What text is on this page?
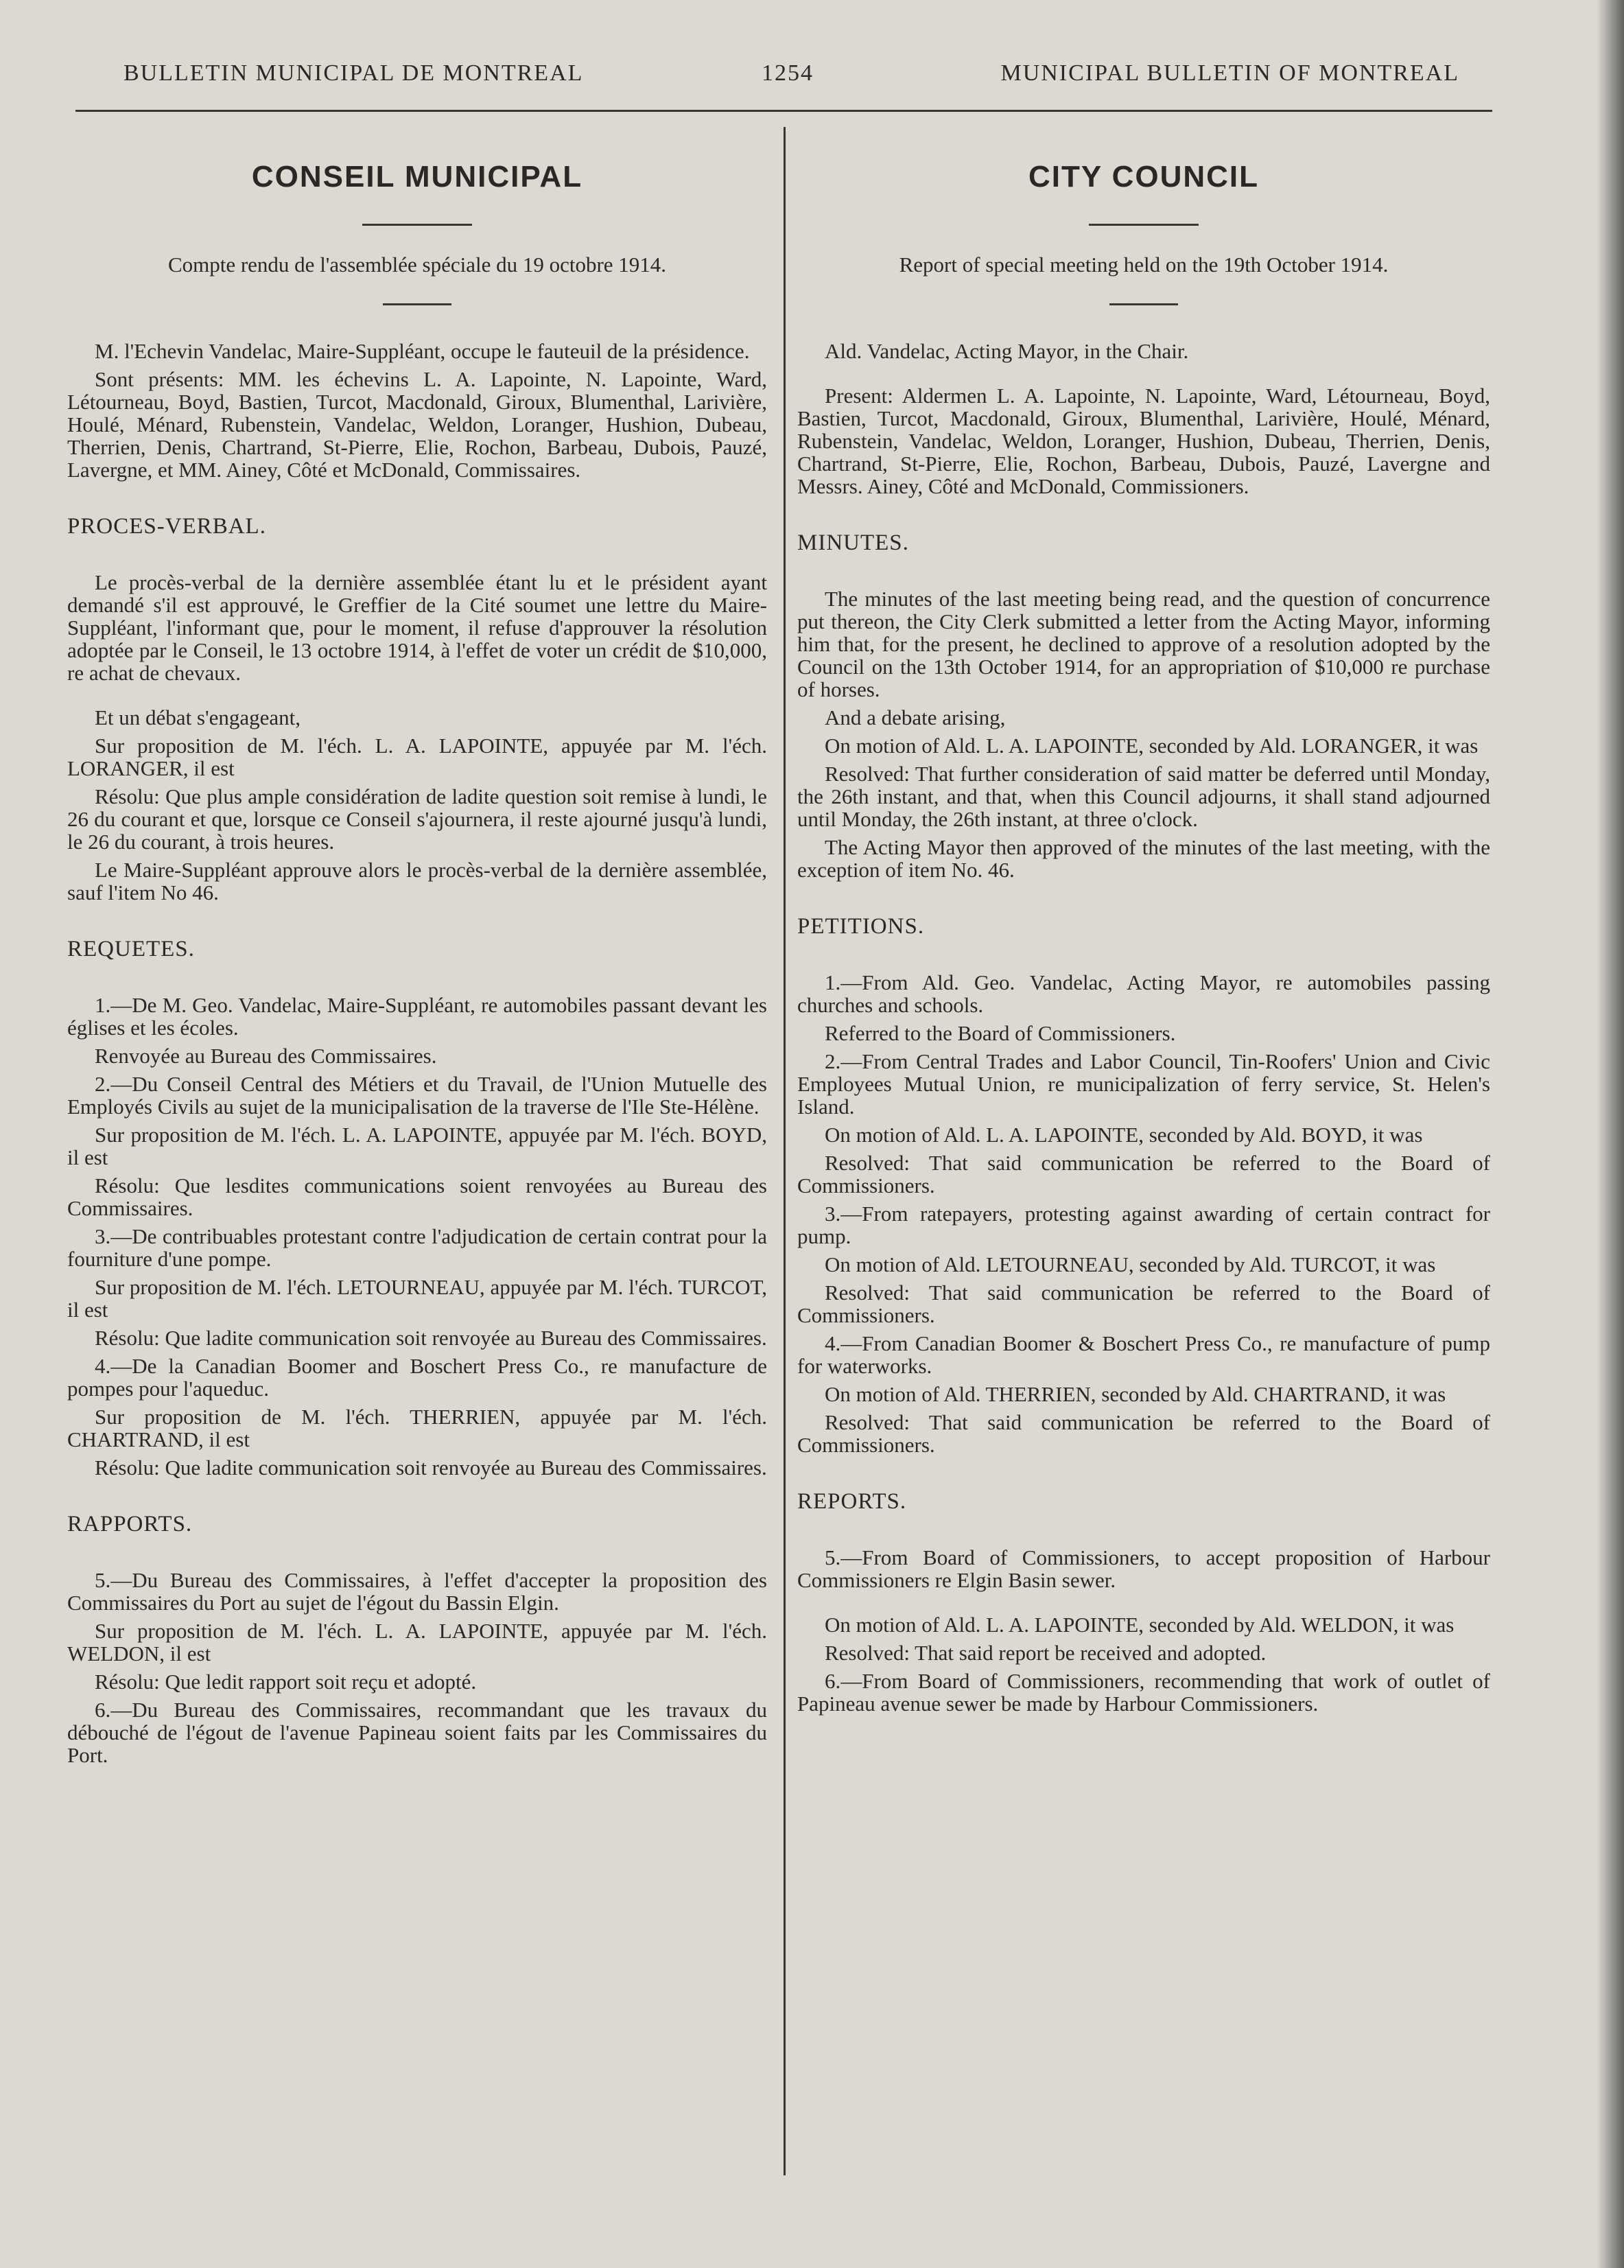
BULLETIN MUNICIPAL DE MONTREAL	1254	MUNICIPAL BULLETIN OF MONTREAL
CONSEIL MUNICIPAL

Compte rendu de l'assemblée spéciale du 19 octobre 1914.

M. l'Echevin Vandelac, Maire-Suppléant, occupe le fauteuil de la présidence.

Sont présents: MM. les échevins L. A. Lapointe, N. Lapointe, Ward, Létourneau, Boyd, Bastien, Turcot, Macdonald, Giroux, Blumenthal, Larivière, Houlé, Ménard, Rubenstein, Vandelac, Weldon, Loranger, Hushion, Dubeau, Therrien, Denis, Chartrand, St-Pierre, Elie, Rochon, Barbeau, Dubois, Pauzé, Lavergne, et MM. Ainey, Côté et McDonald, Commissaires.

PROCES-VERBAL.

Le procès-verbal de la dernière assemblée étant lu et le président ayant demandé s'il est approuvé, le Greffier de la Cité soumet une lettre du Maire-Suppléant, l'informant que, pour le moment, il refuse d'approuver la résolution adoptée par le Conseil, le 13 octobre 1914, à l'effet de voter un crédit de $10,000, re achat de chevaux.

Et un débat s'engageant,

Sur proposition de M. l'éch. L. A. LAPOINTE, appuyée par M. l'éch. LORANGER, il est

Résolu: Que plus ample considération de ladite question soit remise à lundi, le 26 du courant et que, lorsque ce Conseil s'ajournera, il reste ajourné jusqu'à lundi, le 26 du courant, à trois heures.

Le Maire-Suppléant approuve alors le procès-verbal de la dernière assemblée, sauf l'item No 46.

REQUETES.

1.—De M. Geo. Vandelac, Maire-Suppléant, re automobiles passant devant les églises et les écoles.

Renvoyée au Bureau des Commissaires.

2.—Du Conseil Central des Métiers et du Travail, de l'Union Mutuelle des Employés Civils au sujet de la municipalisation de la traverse de l'Ile Ste-Hélène.

Sur proposition de M. l'éch. L. A. LAPOINTE, appuyée par M. l'éch. BOYD, il est

Résolu: Que lesdites communications soient renvoyées au Bureau des Commissaires.

3.—De contribuables protestant contre l'adjudication de certain contrat pour la fourniture d'une pompe.

Sur proposition de M. l'éch. LETOURNEAU, appuyée par M. l'éch. TURCOT, il est

Résolu: Que ladite communication soit renvoyée au Bureau des Commissaires.

4.—De la Canadian Boomer and Boschert Press Co., re manufacture de pompes pour l'aqueduc.

Sur proposition de M. l'éch. THERRIEN, appuyée par M. l'éch. CHARTRAND, il est

Résolu: Que ladite communication soit renvoyée au Bureau des Commissaires.

RAPPORTS.

5.—Du Bureau des Commissaires, à l'effet d'accepter la proposition des Commissaires du Port au sujet de l'égout du Bassin Elgin.

Sur proposition de M. l'éch. L. A. LAPOINTE, appuyée par M. l'éch. WELDON, il est

Résolu: Que ledit rapport soit reçu et adopté.

6.—Du Bureau des Commissaires, recommandant que les travaux du débouché de l'égout de l'avenue Papineau soient faits par les Commissaires du Port.

CITY COUNCIL

Report of special meeting held on the 19th October 1914.

Ald. Vandelac, Acting Mayor, in the Chair.

Present: Aldermen L. A. Lapointe, N. Lapointe, Ward, Létourneau, Boyd, Bastien, Turcot, Macdonald, Giroux, Blumenthal, Larivière, Houlé, Ménard, Rubenstein, Vandelac, Weldon, Loranger, Hushion, Dubeau, Therrien, Denis, Chartrand, St-Pierre, Elie, Rochon, Barbeau, Dubois, Pauzé, Lavergne and Messrs. Ainey, Côté and McDonald, Commissioners.

MINUTES.

The minutes of the last meeting being read, and the question of concurrence put thereon, the City Clerk submitted a letter from the Acting Mayor, informing him that, for the present, he declined to approve of a resolution adopted by the Council on the 13th October 1914, for an appropriation of $10,000 re purchase of horses.

And a debate arising,

On motion of Ald. L. A. LAPOINTE, seconded by Ald. LORANGER, it was

Resolved: That further consideration of said matter be deferred until Monday, the 26th instant, and that, when this Council adjourns, it shall stand adjourned until Monday, the 26th instant, at three o'clock.

The Acting Mayor then approved of the minutes of the last meeting, with the exception of item No. 46.

PETITIONS.

1.—From Ald. Geo. Vandelac, Acting Mayor, re automobiles passing churches and schools.

Referred to the Board of Commissioners.

2.—From Central Trades and Labor Council, Tin-Roofers' Union and Civic Employees Mutual Union, re municipalization of ferry service, St. Helen's Island.

On motion of Ald. L. A. LAPOINTE, seconded by Ald. BOYD, it was

Resolved: That said communication be referred to the Board of Commissioners.

3.—From ratepayers, protesting against awarding of certain contract for pump.

On motion of Ald. LETOURNEAU, seconded by Ald. TURCOT, it was

Resolved: That said communication be referred to the Board of Commissioners.

4.—From Canadian Boomer & Boschert Press Co., re manufacture of pump for waterworks.

On motion of Ald. THERRIEN, seconded by Ald. CHARTRAND, it was

Resolved: That said communication be referred to the Board of Commissioners.

REPORTS.

5.—From Board of Commissioners, to accept proposition of Harbour Commissioners re Elgin Basin sewer.

On motion of Ald. L. A. LAPOINTE, seconded by Ald. WELDON, it was

Resolved: That said report be received and adopted.

6.—From Board of Commissioners, recommending that work of outlet of Papineau avenue sewer be made by Harbour Commissioners.
